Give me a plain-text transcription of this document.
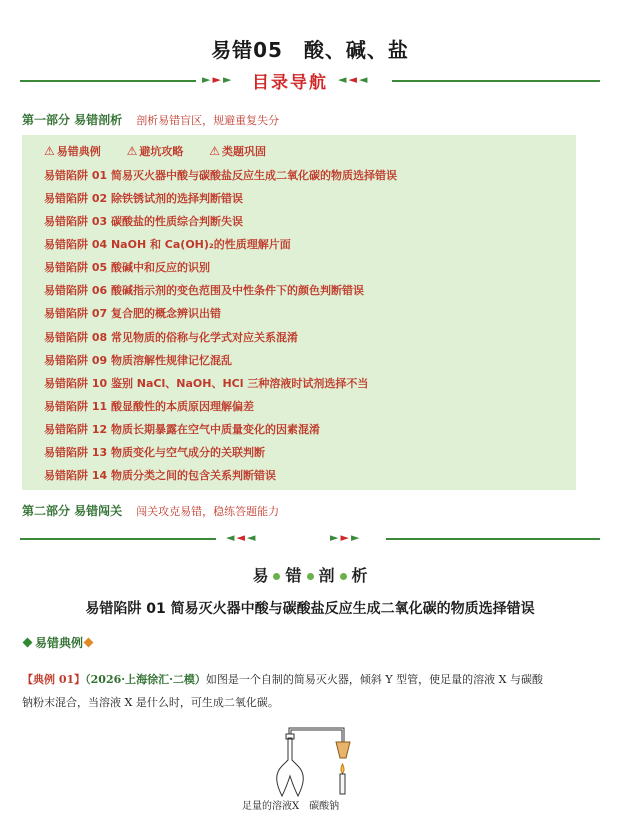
易错05　酸、碱、盐
►►► 目录导航 ◄◄◄
第一部分 易错剖析 剖析易错盲区，规避重复失分
⚠ 易错典例 ⚠ 避坑攻略 ⚠ 类题巩固
易错陷阱 01 简易灭火器中酸与碳酸盐反应生成二氧化碳的物质选择错误
易错陷阱 02 除铁锈试剂的选择判断错误
易错陷阱 03 碳酸盐的性质综合判断失误
易错陷阱 04 NaOH 和 Ca(OH)₂的性质理解片面
易错陷阱 05 酸碱中和反应的识别
易错陷阱 06 酸碱指示剂的变色范围及中性条件下的颜色判断错误
易错陷阱 07 复合肥的概念辨识出错
易错陷阱 08 常见物质的俗称与化学式对应关系混淆
易错陷阱 09 物质溶解性规律记忆混乱
易错陷阱 10 鉴别 NaCl、NaOH、HCl 三种溶液时试剂选择不当
易错陷阱 11 酸显酸性的本质原因理解偏差
易错陷阱 12 物质长期暴露在空气中质量变化的因素混淆
易错陷阱 13 物质变化与空气成分的关联判断
易错陷阱 14 物质分类之间的包含关系判断错误
第二部分 易错闯关 闯关攻克易错，稳练答题能力
◄◄◄	►►►
易 错 剖 析
易错陷阱 01 简易灭火器中酸与碳酸盐反应生成二氧化碳的物质选择错误
易错典例
【典例 01】（2026·上海徐汇·二模）如图是一个自制的简易灭火器，倾斜 Y 型管，使足量的溶液 X 与碳酸
钠粉末混合，当溶液 X 是什么时，可生成二氧化碳。
足量的溶液X　碳酸钠
